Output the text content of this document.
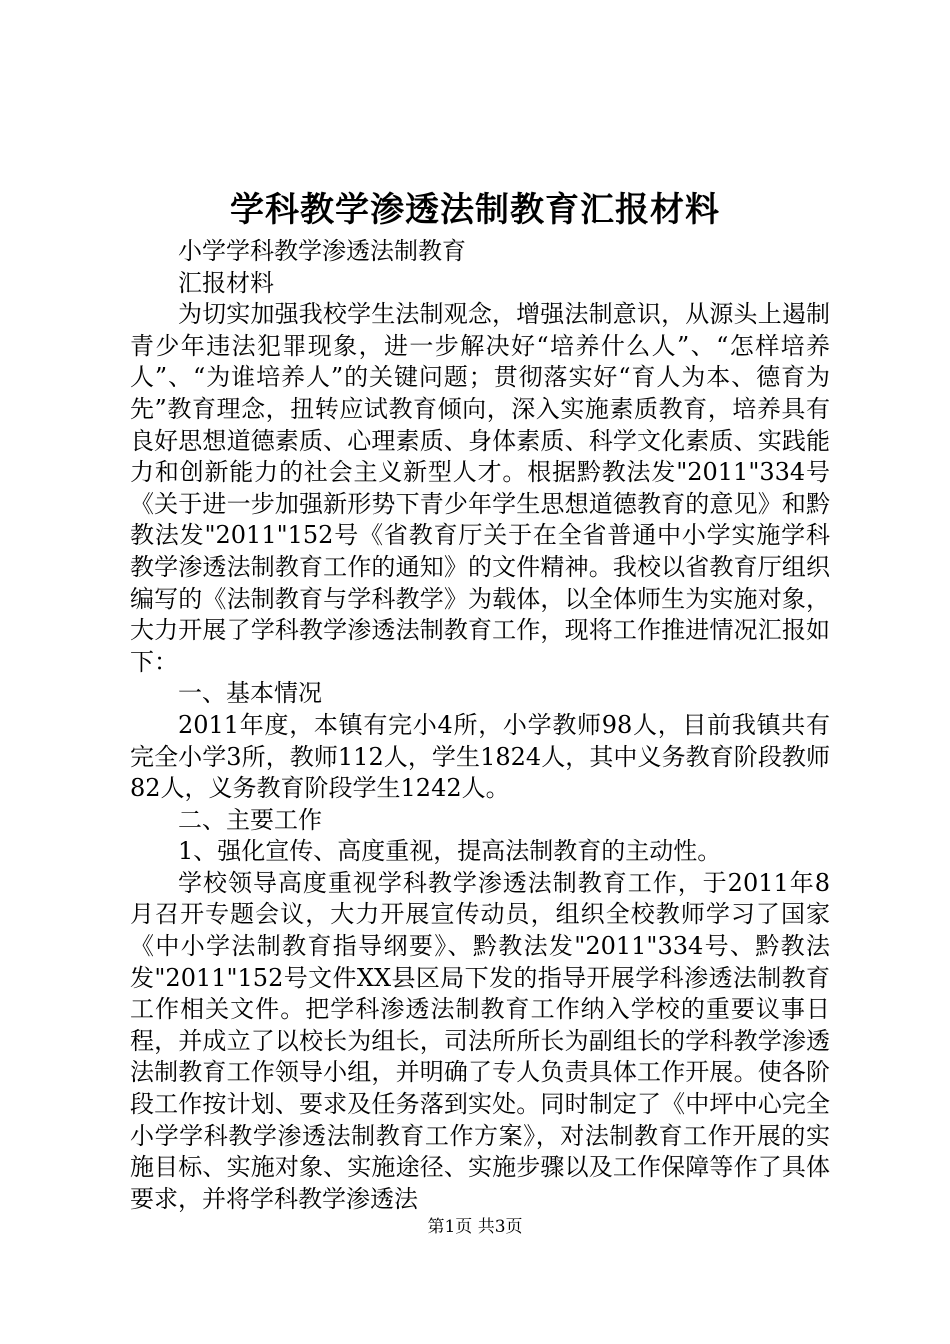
学科教学渗透法制教育汇报材料

小学学科教学渗透法制教育

汇报材料

为切实加强我校学生法制观念，增强法制意识，从源头上遏制青少年违法犯罪现象，进一步解决好“培养什么人”、“怎样培养人”、“为谁培养人”的关键问题；贯彻落实好“育人为本、德育为先”教育理念，扭转应试教育倾向，深入实施素质教育，培养具有良好思想道德素质、心理素质、身体素质、科学文化素质、实践能力和创新能力的社会主义新型人才。根据黔教法发"2011"334号《关于进一步加强新形势下青少年学生思想道德教育的意见》和黔教法发"2011"152号《省教育厅关于在全省普通中小学实施学科教学渗透法制教育工作的通知》的文件精神。我校以省教育厅组织编写的《法制教育与学科教学》为载体，以全体师生为实施对象，大力开展了学科教学渗透法制教育工作，现将工作推进情况汇报如下：

一、基本情况

2011年度，本镇有完小4所，小学教师98人，目前我镇共有完全小学3所，教师112人，学生1824人，其中义务教育阶段教师82人，义务教育阶段学生1242人。

二、主要工作

1、强化宣传、高度重视，提高法制教育的主动性。

学校领导高度重视学科教学渗透法制教育工作，于2011年8月召开专题会议，大力开展宣传动员，组织全校教师学习了国家《中小学法制教育指导纲要》、黔教法发"2011"334号、黔教法发"2011"152号文件XX县区局下发的指导开展学科渗透法制教育工作相关文件。把学科渗透法制教育工作纳入学校的重要议事日程，并成立了以校长为组长，司法所所长为副组长的学科教学渗透法制教育工作领导小组，并明确了专人负责具体工作开展。使各阶段工作按计划、要求及任务落到实处。同时制定了《中坪中心完全小学学科教学渗透法制教育工作方案》，对法制教育工作开展的实施目标、实施对象、实施途径、实施步骤以及工作保障等作了具体要求，并将学科教学渗透法

第1页 共3页
